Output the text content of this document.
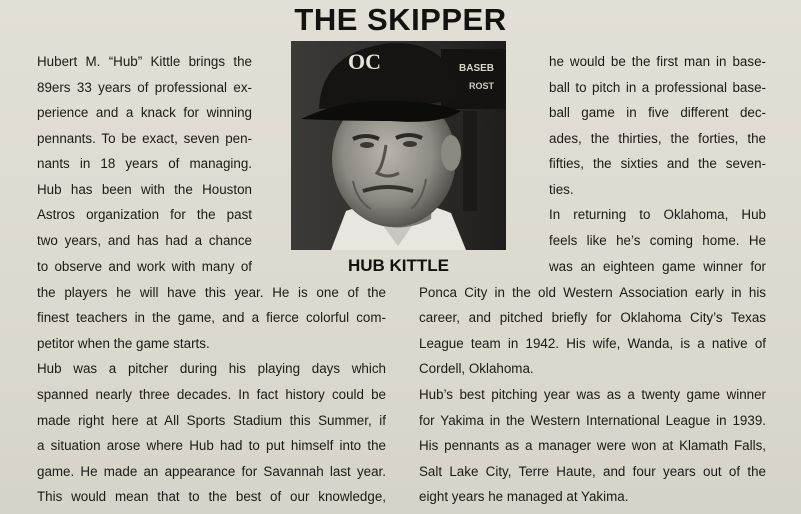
THE SKIPPER
Hubert M. “Hub” Kittle brings the
89ers 33 years of professional ex-
perience and a knack for winning
pennants. To be exact, seven pen-
nants in 18 years of managing.
Hub has been with the Houston
Astros organization for the past
two years, and has had a chance
to observe and work with many of
BASEB
ROST
OC
HUB KITTLE
he would be the first man in base-
ball to pitch in a professional base-
ball game in five different dec-
ades, the thirties, the forties, the
fifties, the sixties and the seven-
ties.
In returning to Oklahoma, Hub
feels like he’s coming home. He
was an eighteen game winner for
the players he will have this year. He is one of the
finest teachers in the game, and a fierce colorful com-
petitor when the game starts.
Hub was a pitcher during his playing days which
spanned nearly three decades. In fact history could be
made right here at All Sports Stadium this Summer, if
a situation arose where Hub had to put himself into the
game. He made an appearance for Savannah last year.
This would mean that to the best of our knowledge,
Ponca City in the old Western Association early in his
career, and pitched briefly for Oklahoma City’s Texas
League team in 1942. His wife, Wanda, is a native of
Cordell, Oklahoma.
Hub’s best pitching year was as a twenty game winner
for Yakima in the Western International League in 1939.
His pennants as a manager were won at Klamath Falls,
Salt Lake City, Terre Haute, and four years out of the
eight years he managed at Yakima.
